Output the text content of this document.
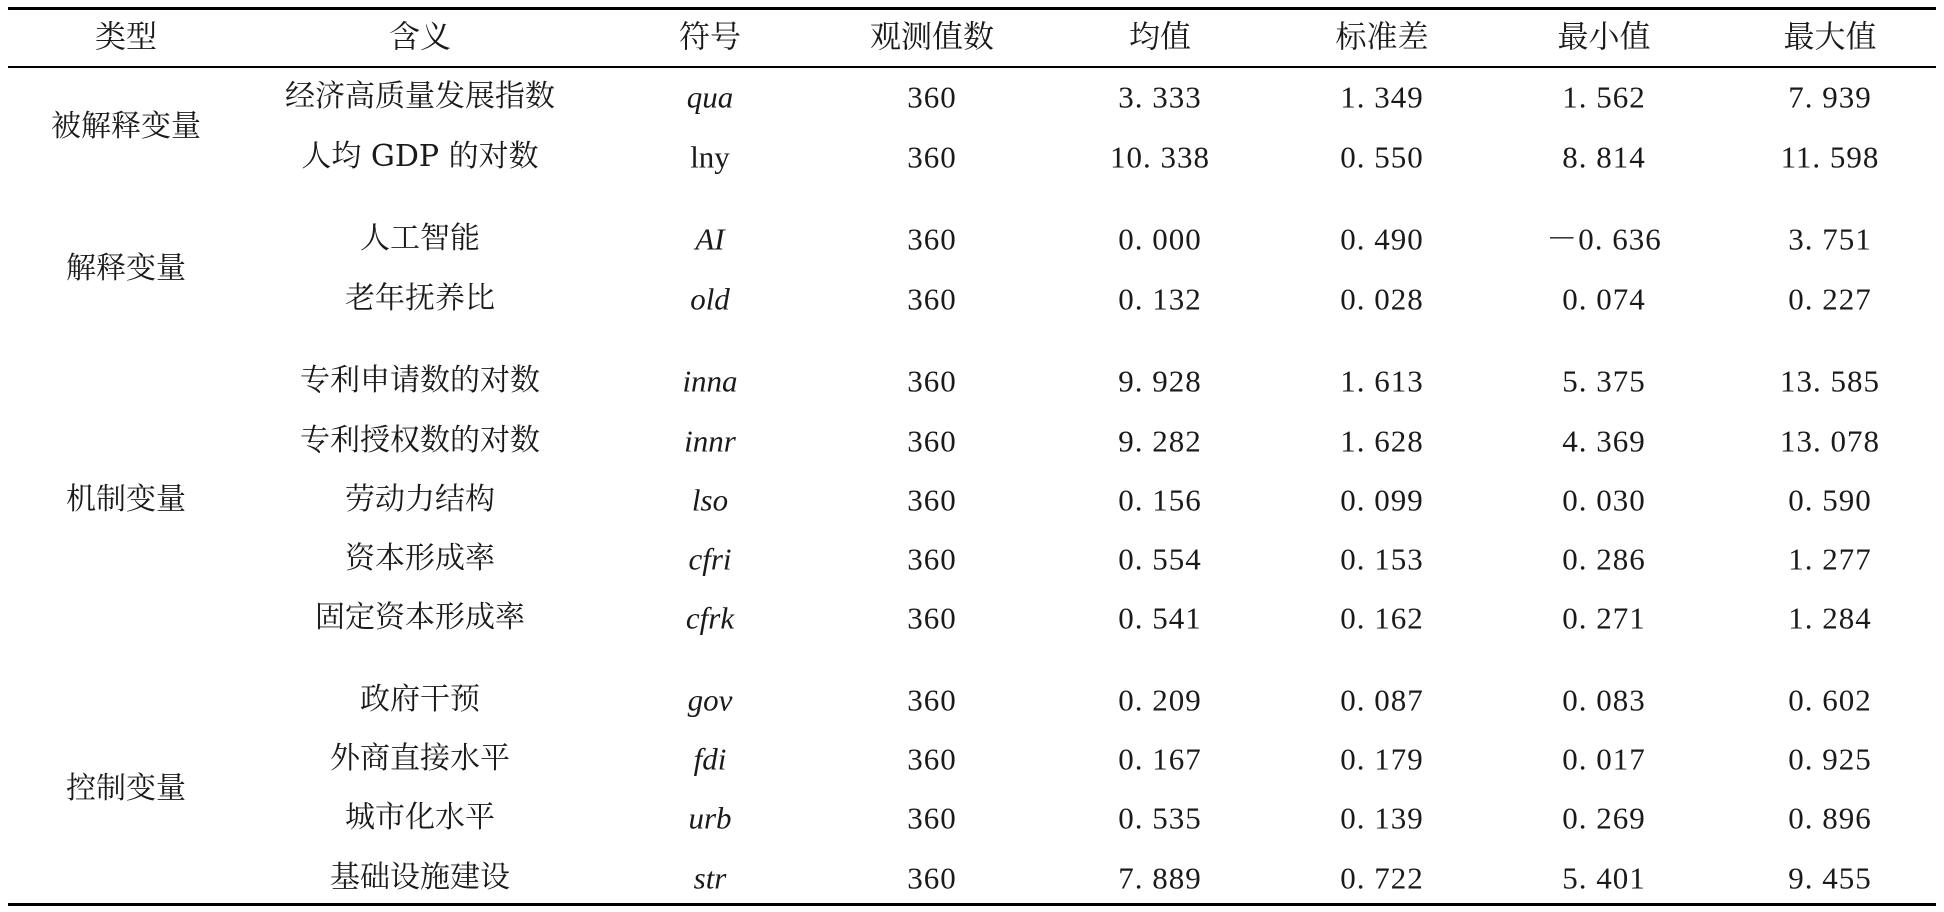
类型	含义	符号	观测值数	均值	标准差	最小值	最大值
被解释变量
经济高质量发展指数	qua	360	3. 333	1. 349	1. 562	7. 939
人均 GDP 的对数	lny	360	10. 338	0. 550	8. 814	11. 598
解释变量
人工智能	AI	360	0. 000	0. 490	－0. 636	3. 751
老年抚养比	old	360	0. 132	0. 028	0. 074	0. 227
机制变量
专利申请数的对数	inna	360	9. 928	1. 613	5. 375	13. 585
专利授权数的对数	innr	360	9. 282	1. 628	4. 369	13. 078
劳动力结构	lso	360	0. 156	0. 099	0. 030	0. 590
资本形成率	cfri	360	0. 554	0. 153	0. 286	1. 277
固定资本形成率	cfrk	360	0. 541	0. 162	0. 271	1. 284
控制变量
政府干预	gov	360	0. 209	0. 087	0. 083	0. 602
外商直接水平	fdi	360	0. 167	0. 179	0. 017	0. 925
城市化水平	urb	360	0. 535	0. 139	0. 269	0. 896
基础设施建设	str	360	7. 889	0. 722	5. 401	9. 455
